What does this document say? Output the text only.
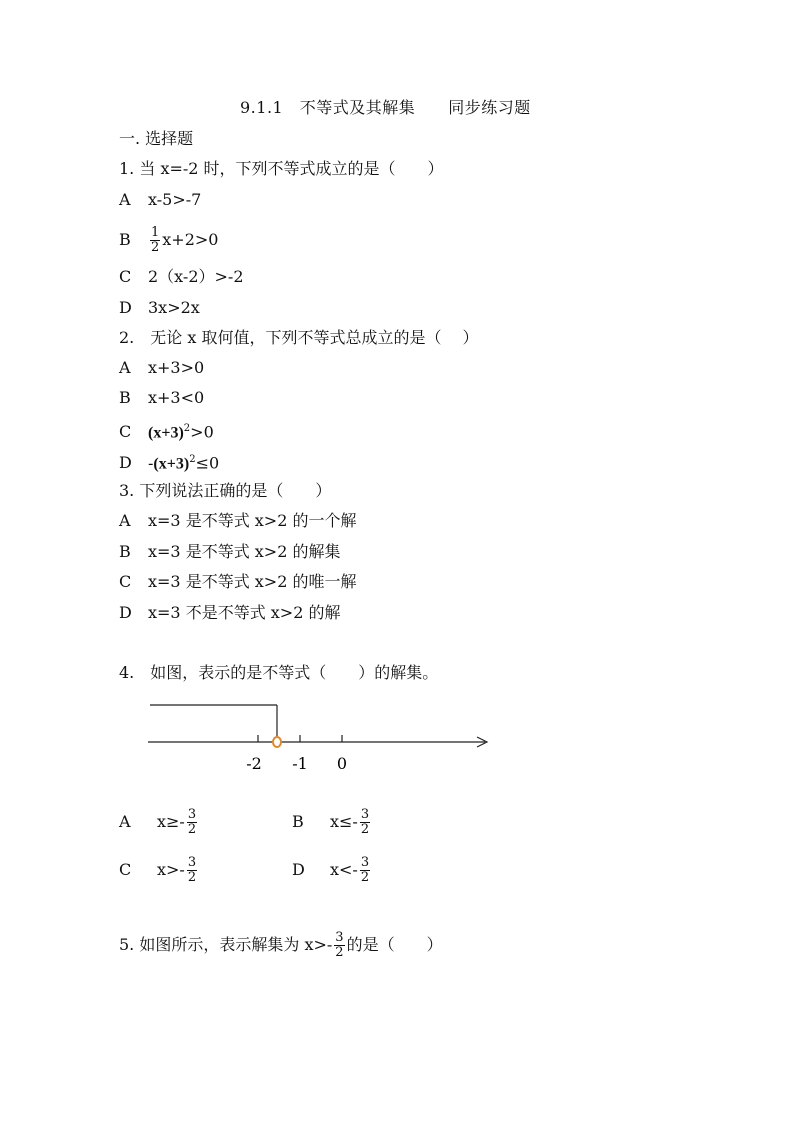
9.1.1　不等式及其解集　　同步练习题
一. 选择题
1. 当 x=-2 时，下列不等式成立的是（　　）
A x-5>-7
B $\frac{1}{2} x+2>0$
C 2（x-2）>-2
D 3x>2x
2.　无论 x 取何值，下列不等式总成立的是（　 ）
A x+3>0
B x+3<0
C $(x+3)^2>0$
D $-(x+3)^2\le 0$
3. 下列说法正确的是（　　）
A x=3 是不等式 x>2 的一个解
B x=3 是不等式 x>2 的解集
C x=3 是不等式 x>2 的唯一解
D x=3 不是不等式 x>2 的解
4.　如图，表示的是不等式（　　）的解集。
-2 -1 0
A $x\ge- \frac{3}{2}$	B $x\le- \frac{3}{2}$
C $x>- \frac{3}{2}$	D $x<- \frac{3}{2}$
5. 如图所示，表示解集为 $x>- \frac{3}{2}$ 的是（　　）
